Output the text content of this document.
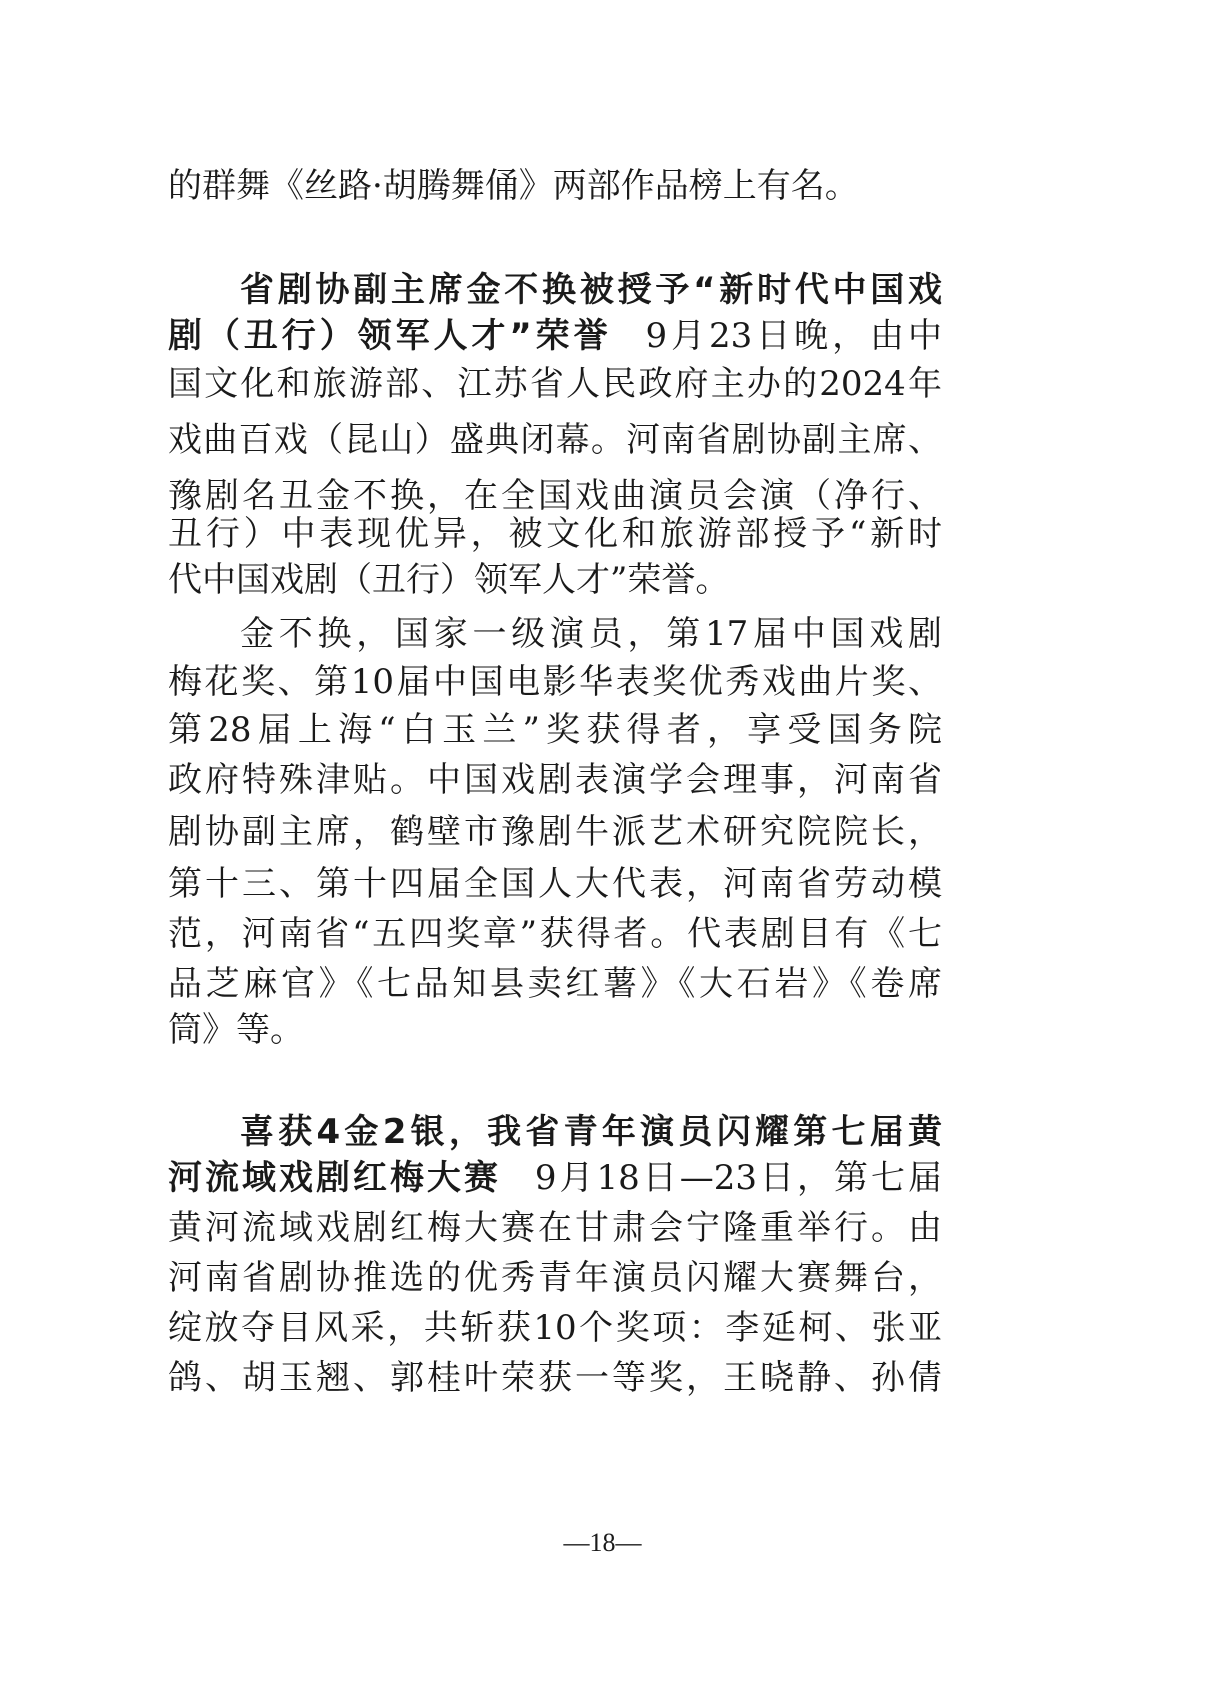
的群舞《丝路·胡腾舞俑》两部作品榜上有名。
省剧协副主席金不换被授予“新时代中国戏
剧（丑行）领军人才”荣誉 9月23日晚，由中
国文化和旅游部、江苏省人民政府主办的2024年
戏曲百戏（昆山）盛典闭幕。河南省剧协副主席、
豫剧名丑金不换，在全国戏曲演员会演（净行、
丑行）中表现优异，被文化和旅游部授予“新时
代中国戏剧（丑行）领军人才”荣誉。
金不换，国家一级演员，第17届中国戏剧
梅花奖、第10届中国电影华表奖优秀戏曲片奖、
第28届上海“白玉兰”奖获得者，享受国务院
政府特殊津贴。中国戏剧表演学会理事，河南省
剧协副主席，鹤壁市豫剧牛派艺术研究院院长，
第十三、第十四届全国人大代表，河南省劳动模
范，河南省“五四奖章”获得者。代表剧目有《七
品芝麻官》《七品知县卖红薯》《大石岩》《卷席
筒》等。
喜获4金2银，我省青年演员闪耀第七届黄
河流域戏剧红梅大赛 9月18日—23日，第七届
黄河流域戏剧红梅大赛在甘肃会宁隆重举行。由
河南省剧协推选的优秀青年演员闪耀大赛舞台，
绽放夺目风采，共斩获10个奖项：李延柯、张亚
鸽、胡玉翘、郭桂叶荣获一等奖，王晓静、孙倩
—18—
